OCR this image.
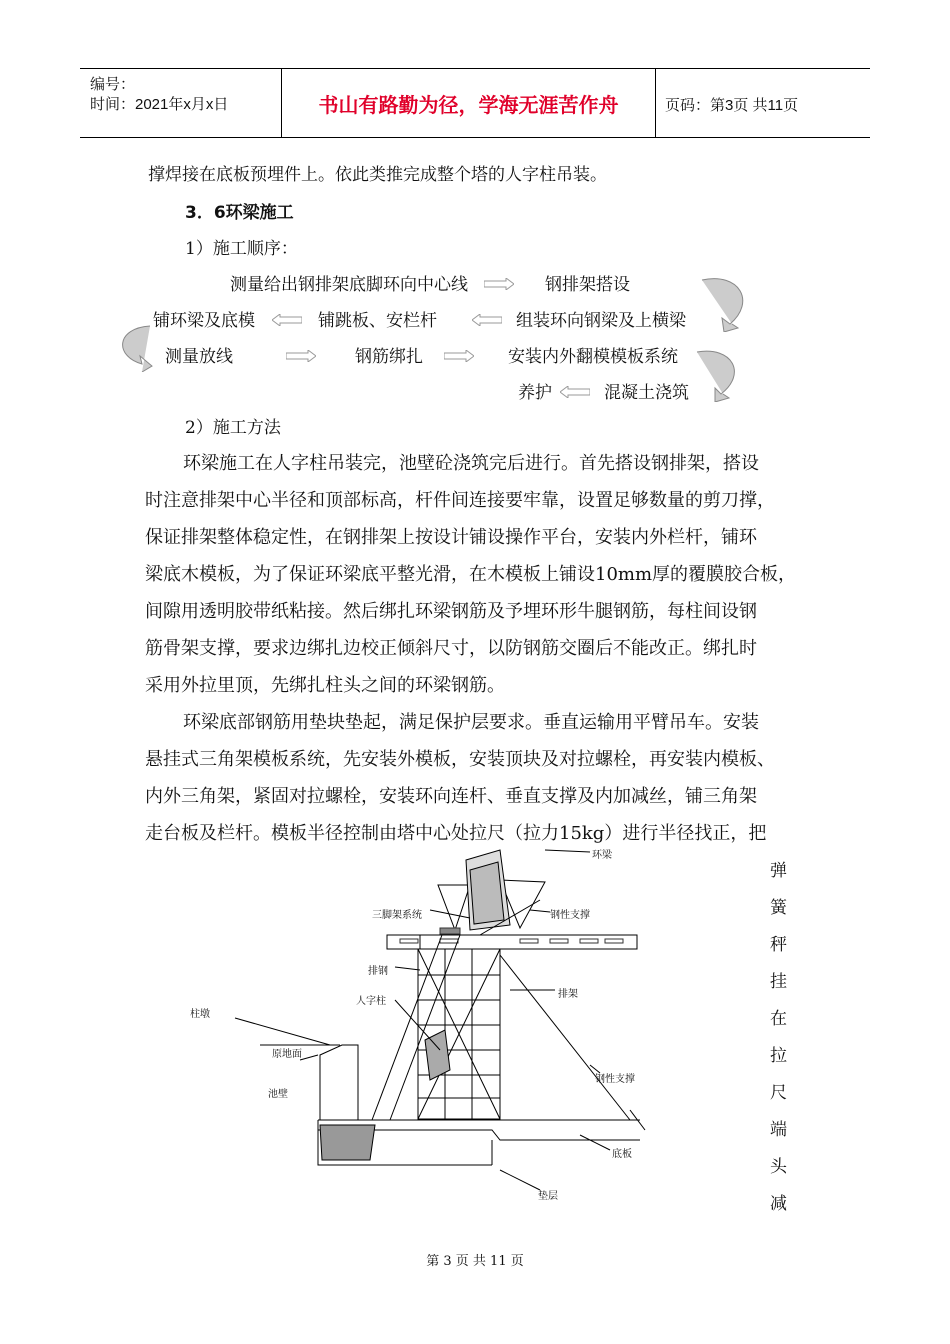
编号：
时间：2021年x月x日	书山有路勤为径，学海无涯苦作舟	页码：第3页 共11页
撑焊接在底板预埋件上。依此类推完成整个塔的人字柱吊装。
3．6环梁施工
1）施工顺序：
测量给出钢排架底脚环向中心线	钢排架搭设
铺环梁及底模	铺跳板、安栏杆	组装环向钢梁及上横梁
测量放线	钢筋绑扎	安装内外翻模模板系统
养护	混凝土浇筑
2）施工方法
环梁施工在人字柱吊装完，池壁砼浇筑完后进行。首先搭设钢排架，搭设
时注意排架中心半径和顶部标高，杆件间连接要牢靠，设置足够数量的剪刀撑，
保证排架整体稳定性，在钢排架上按设计铺设操作平台，安装内外栏杆，铺环
梁底木模板，为了保证环梁底平整光滑，在木模板上铺设10mm厚的覆膜胶合板，
间隙用透明胶带纸粘接。然后绑扎环梁钢筋及予埋环形牛腿钢筋，每柱间设钢
筋骨架支撑，要求边绑扎边校正倾斜尺寸，以防钢筋交圈后不能改正。绑扎时
采用外拉里顶，先绑扎柱头之间的环梁钢筋。
环梁底部钢筋用垫块垫起，满足保护层要求。垂直运输用平臂吊车。安装
悬挂式三角架模板系统，先安装外模板，安装顶块及对拉螺栓，再安装内模板、
内外三角架，紧固对拉螺栓，安装环向连杆、垂直支撑及内加减丝，铺三角架
走台板及栏杆。模板半径控制由塔中心处拉尺（拉力15kg）进行半径找正，把
弹
簧
秤
挂
在
拉
尺
端
头
减
环梁
三脚架系统	钢性支撑
排钢
人字柱
排架
柱墩
原地面
池壁
钢性支撑
底板
垫层
第 3 页 共 11 页
